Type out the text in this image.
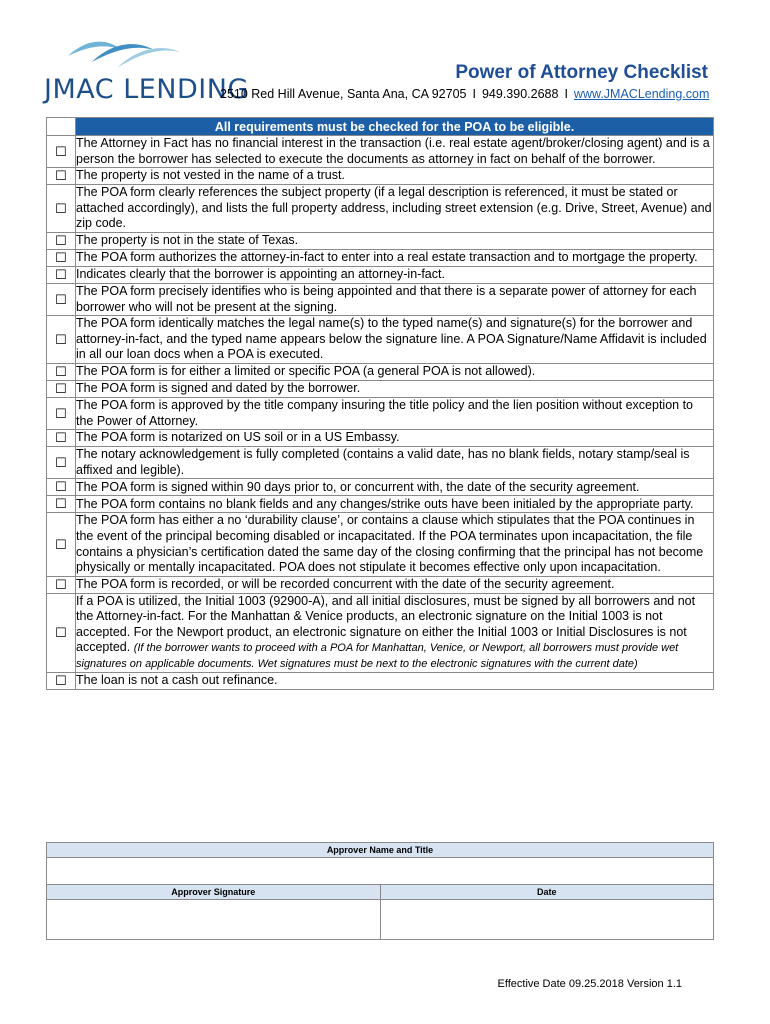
JMAC LENDING
Power of Attorney Checklist
2510 Red Hill Avenue, Santa Ana, CA 92705 I 949.390.2688 I www.JMACLending.com
	All requirements must be checked for the POA to be eligible.
☐	The Attorney in Fact has no financial interest in the transaction (i.e. real estate agent/broker/closing agent) and is a person the borrower has selected to execute the documents as attorney in fact on behalf of the borrower.
☐	The property is not vested in the name of a trust.
☐	The POA form clearly references the subject property (if a legal description is referenced, it must be stated or attached accordingly), and lists the full property address, including street extension (e.g. Drive, Street, Avenue) and zip code.
☐	The property is not in the state of Texas.
☐	The POA form authorizes the attorney-in-fact to enter into a real estate transaction and to mortgage the property.
☐	Indicates clearly that the borrower is appointing an attorney-in-fact.
☐	The POA form precisely identifies who is being appointed and that there is a separate power of attorney for each borrower who will not be present at the signing.
☐	The POA form identically matches the legal name(s) to the typed name(s) and signature(s) for the borrower and attorney-in-fact, and the typed name appears below the signature line. A POA Signature/Name Affidavit is included in all our loan docs when a POA is executed.
☐	The POA form is for either a limited or specific POA (a general POA is not allowed).
☐	The POA form is signed and dated by the borrower.
☐	The POA form is approved by the title company insuring the title policy and the lien position without exception to the Power of Attorney.
☐	The POA form is notarized on US soil or in a US Embassy.
☐	The notary acknowledgement is fully completed (contains a valid date, has no blank fields, notary stamp/seal is affixed and legible).
☐	The POA form is signed within 90 days prior to, or concurrent with, the date of the security agreement.
☐	The POA form contains no blank fields and any changes/strike outs have been initialed by the appropriate party.
☐	The POA form has either a no ‘durability clause’, or contains a clause which stipulates that the POA continues in the event of the principal becoming disabled or incapacitated. If the POA terminates upon incapacitation, the file contains a physician’s certification dated the same day of the closing confirming that the principal has not become physically or mentally incapacitated. POA does not stipulate it becomes effective only upon incapacitation.
☐	The POA form is recorded, or will be recorded concurrent with the date of the security agreement.
☐	If a POA is utilized, the Initial 1003 (92900-A), and all initial disclosures, must be signed by all borrowers and not the Attorney-in-fact. For the Manhattan & Venice products, an electronic signature on the Initial 1003 is not accepted. For the Newport product, an electronic signature on either the Initial 1003 or Initial Disclosures is not accepted. (If the borrower wants to proceed with a POA for Manhattan, Venice, or Newport, all borrowers must provide wet signatures on applicable documents. Wet signatures must be next to the electronic signatures with the current date)
☐	The loan is not a cash out refinance.
Approver Name and Title	

Approver Signature	Date

Effective Date 09.25.2018 Version 1.1
